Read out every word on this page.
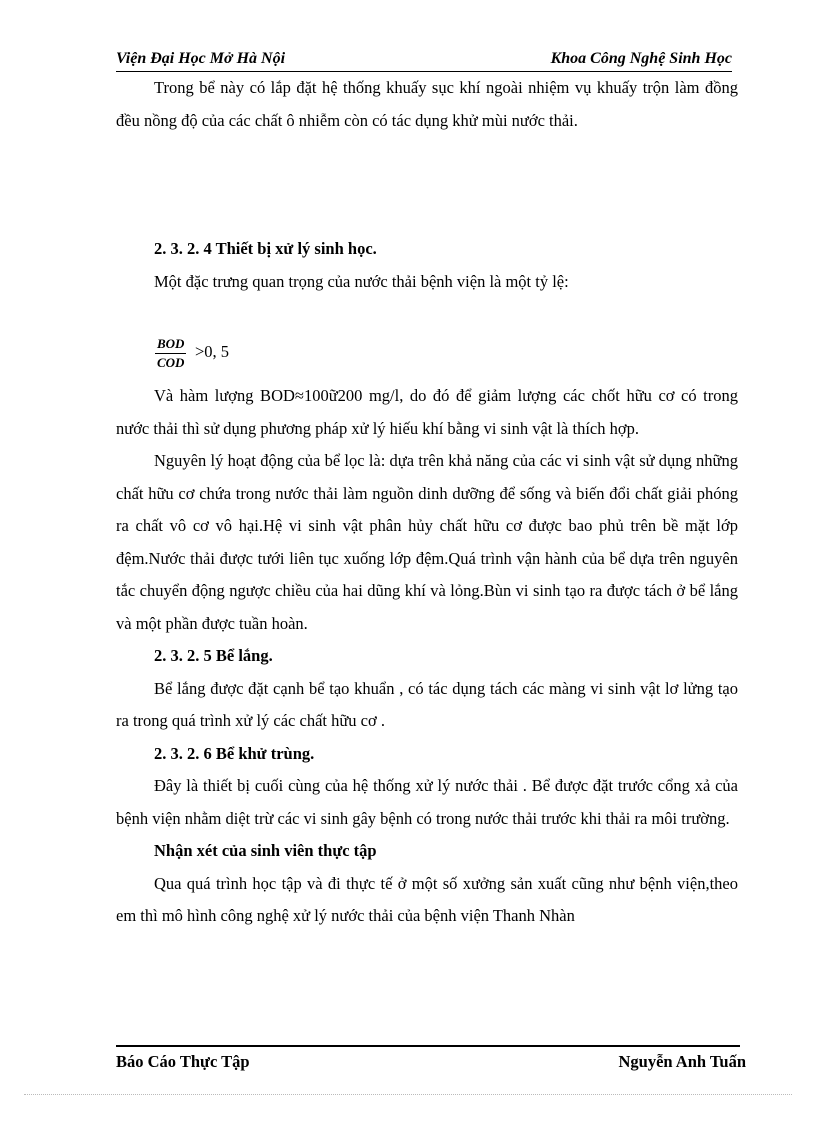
Viện Đại Học Mở Hà Nội	Khoa Công Nghệ Sinh Học

Trong bể này có lắp đặt hệ thống khuấy sục khí ngoài nhiệm vụ khuấy trộn làm đồng đều nồng độ của các chất ô nhiễm còn có tác dụng khử mùi nước thải.

2. 3. 2. 4 Thiết bị xử lý sinh học.

Một đặc trưng quan trọng của nước thải bệnh viện là một tỷ lệ:

BOD
COD
>0, 5

Và hàm lượng BOD≈100ữ200 mg/l, do đó để giảm lượng các chốt hữu cơ có trong nước thải thì sử dụng phương pháp xử lý hiếu khí bằng vi sinh vật là thích hợp.

Nguyên lý hoạt động của bể lọc là: dựa trên khả năng của các vi sinh vật sử dụng những chất hữu cơ chứa trong nước thải làm nguồn dinh dưỡng để sống và biến đổi chất giải phóng ra chất vô cơ vô hại.Hệ vi sinh vật phân hủy chất hữu cơ được bao phủ trên bề mặt lớp đệm.Nước thải được tưới liên tục xuống lớp đệm.Quá trình vận hành của bể dựa trên nguyên tắc chuyển động ngược chiều của hai dũng khí và lỏng.Bùn vi sinh tạo ra được tách ở bể lắng và một phần được tuần hoàn.

2. 3. 2. 5 Bể lắng.

Bể lắng được đặt cạnh bể tạo khuẩn , có tác dụng tách các màng vi sinh vật lơ lửng tạo ra trong quá trình xử lý các chất hữu cơ .

2. 3. 2. 6 Bể khử trùng.

Đây là thiết bị cuối cùng của hệ thống xử lý nước thải . Bể được đặt trước cổng xả của bệnh viện nhằm diệt trừ các vi sinh gây bệnh có trong nước thải trước khi thải ra môi trường.

Nhận xét của sinh viên thực tập

Qua quá trình học tập và đi thực tế ở một số xưởng sản xuất cũng như bệnh viện,theo em thì mô hình công nghệ xử lý nước thải của bệnh viện Thanh Nhàn

Báo Cáo Thực Tập	Nguyễn Anh Tuấn
